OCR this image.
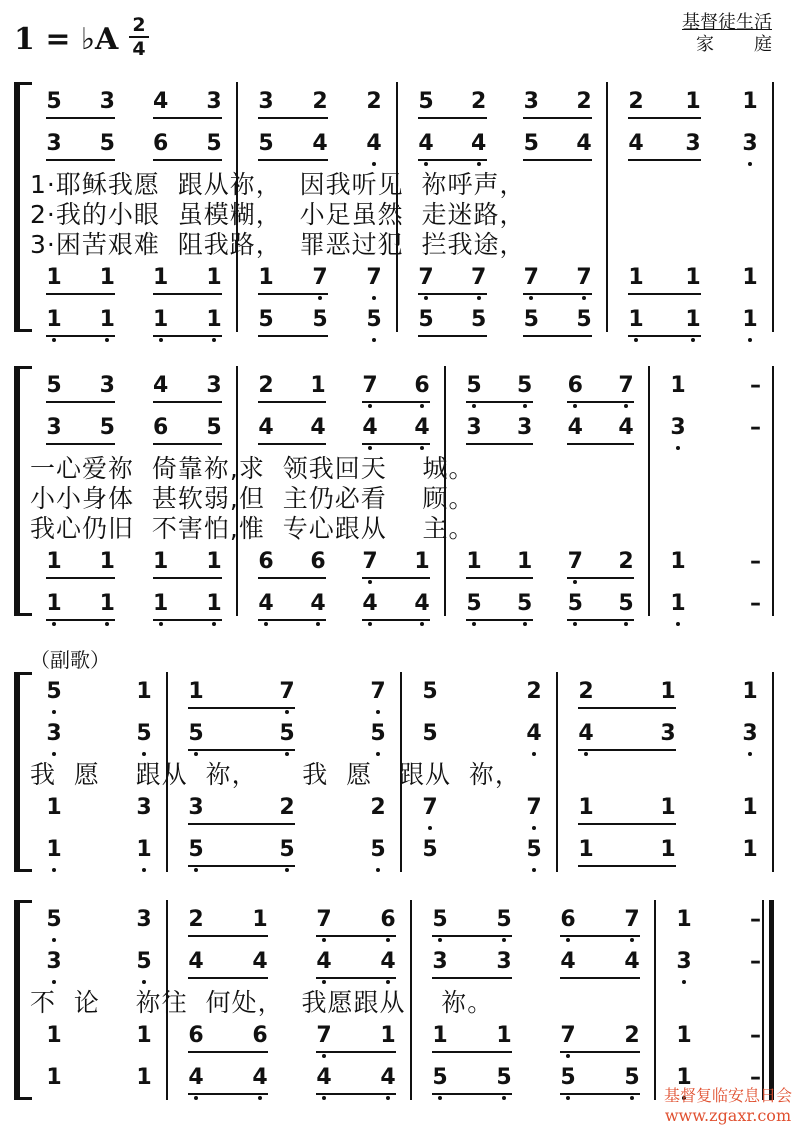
1 = ♭A 2
4
基督徒生活
家庭
（副歌）
5 3 4 3 3 2 2 5 2 3 2 2 1 1
3 5 6 5 5 4 4 4 4 5 4 4 3 3
1 1 1 1 1 7 7 7 7 7 7 1 1 1
1 1 1 1 5 5 5 5 5 5 5 1 1 1
1·耶稣我愿  跟从祢，  因我听见  祢呼声，
2·我的小眼  虽模糊，  小足虽然  走迷路，
3·困苦艰难  阻我路，  罪恶过犯  拦我途，
5 3 4 3 2 1 7 6 5 5 6 7 1	–
3 5 6 5 4 4 4 4 3 3 4 4 3	–
1 1 1 1 6 6 7 1 1 1 7 2 1	–
1 1 1 1 4 4 4 4 5 5 5 5 1	–
一心爱祢  倚靠祢,求  领我回天    城。
小小身体  甚软弱,但  主仍必看    顾。
我心仍旧  不害怕,惟  专心跟从    主。
5	1 1	7	7 5	2 2	1	1
3	5 5	5	5 5	4 4	3	3
1	3 3	2	2 7	7 1	1	1
1	1 5	5	5 5	5 1	1	1
我  愿    跟从  祢，     我  愿   跟从  祢，
5	3 2 1 7 6 5 5 6 7 1	–
3	5 4 4 4 4 3 3 4 4 3	–
1	1 6 6 7 1 1 1 7 2 1	–
1	1 4 4 4 4 5 5 5 5 1	–
不  论    祢往  何处，  我愿跟从    祢。
基督复临安息日会
www.zgaxr.com
